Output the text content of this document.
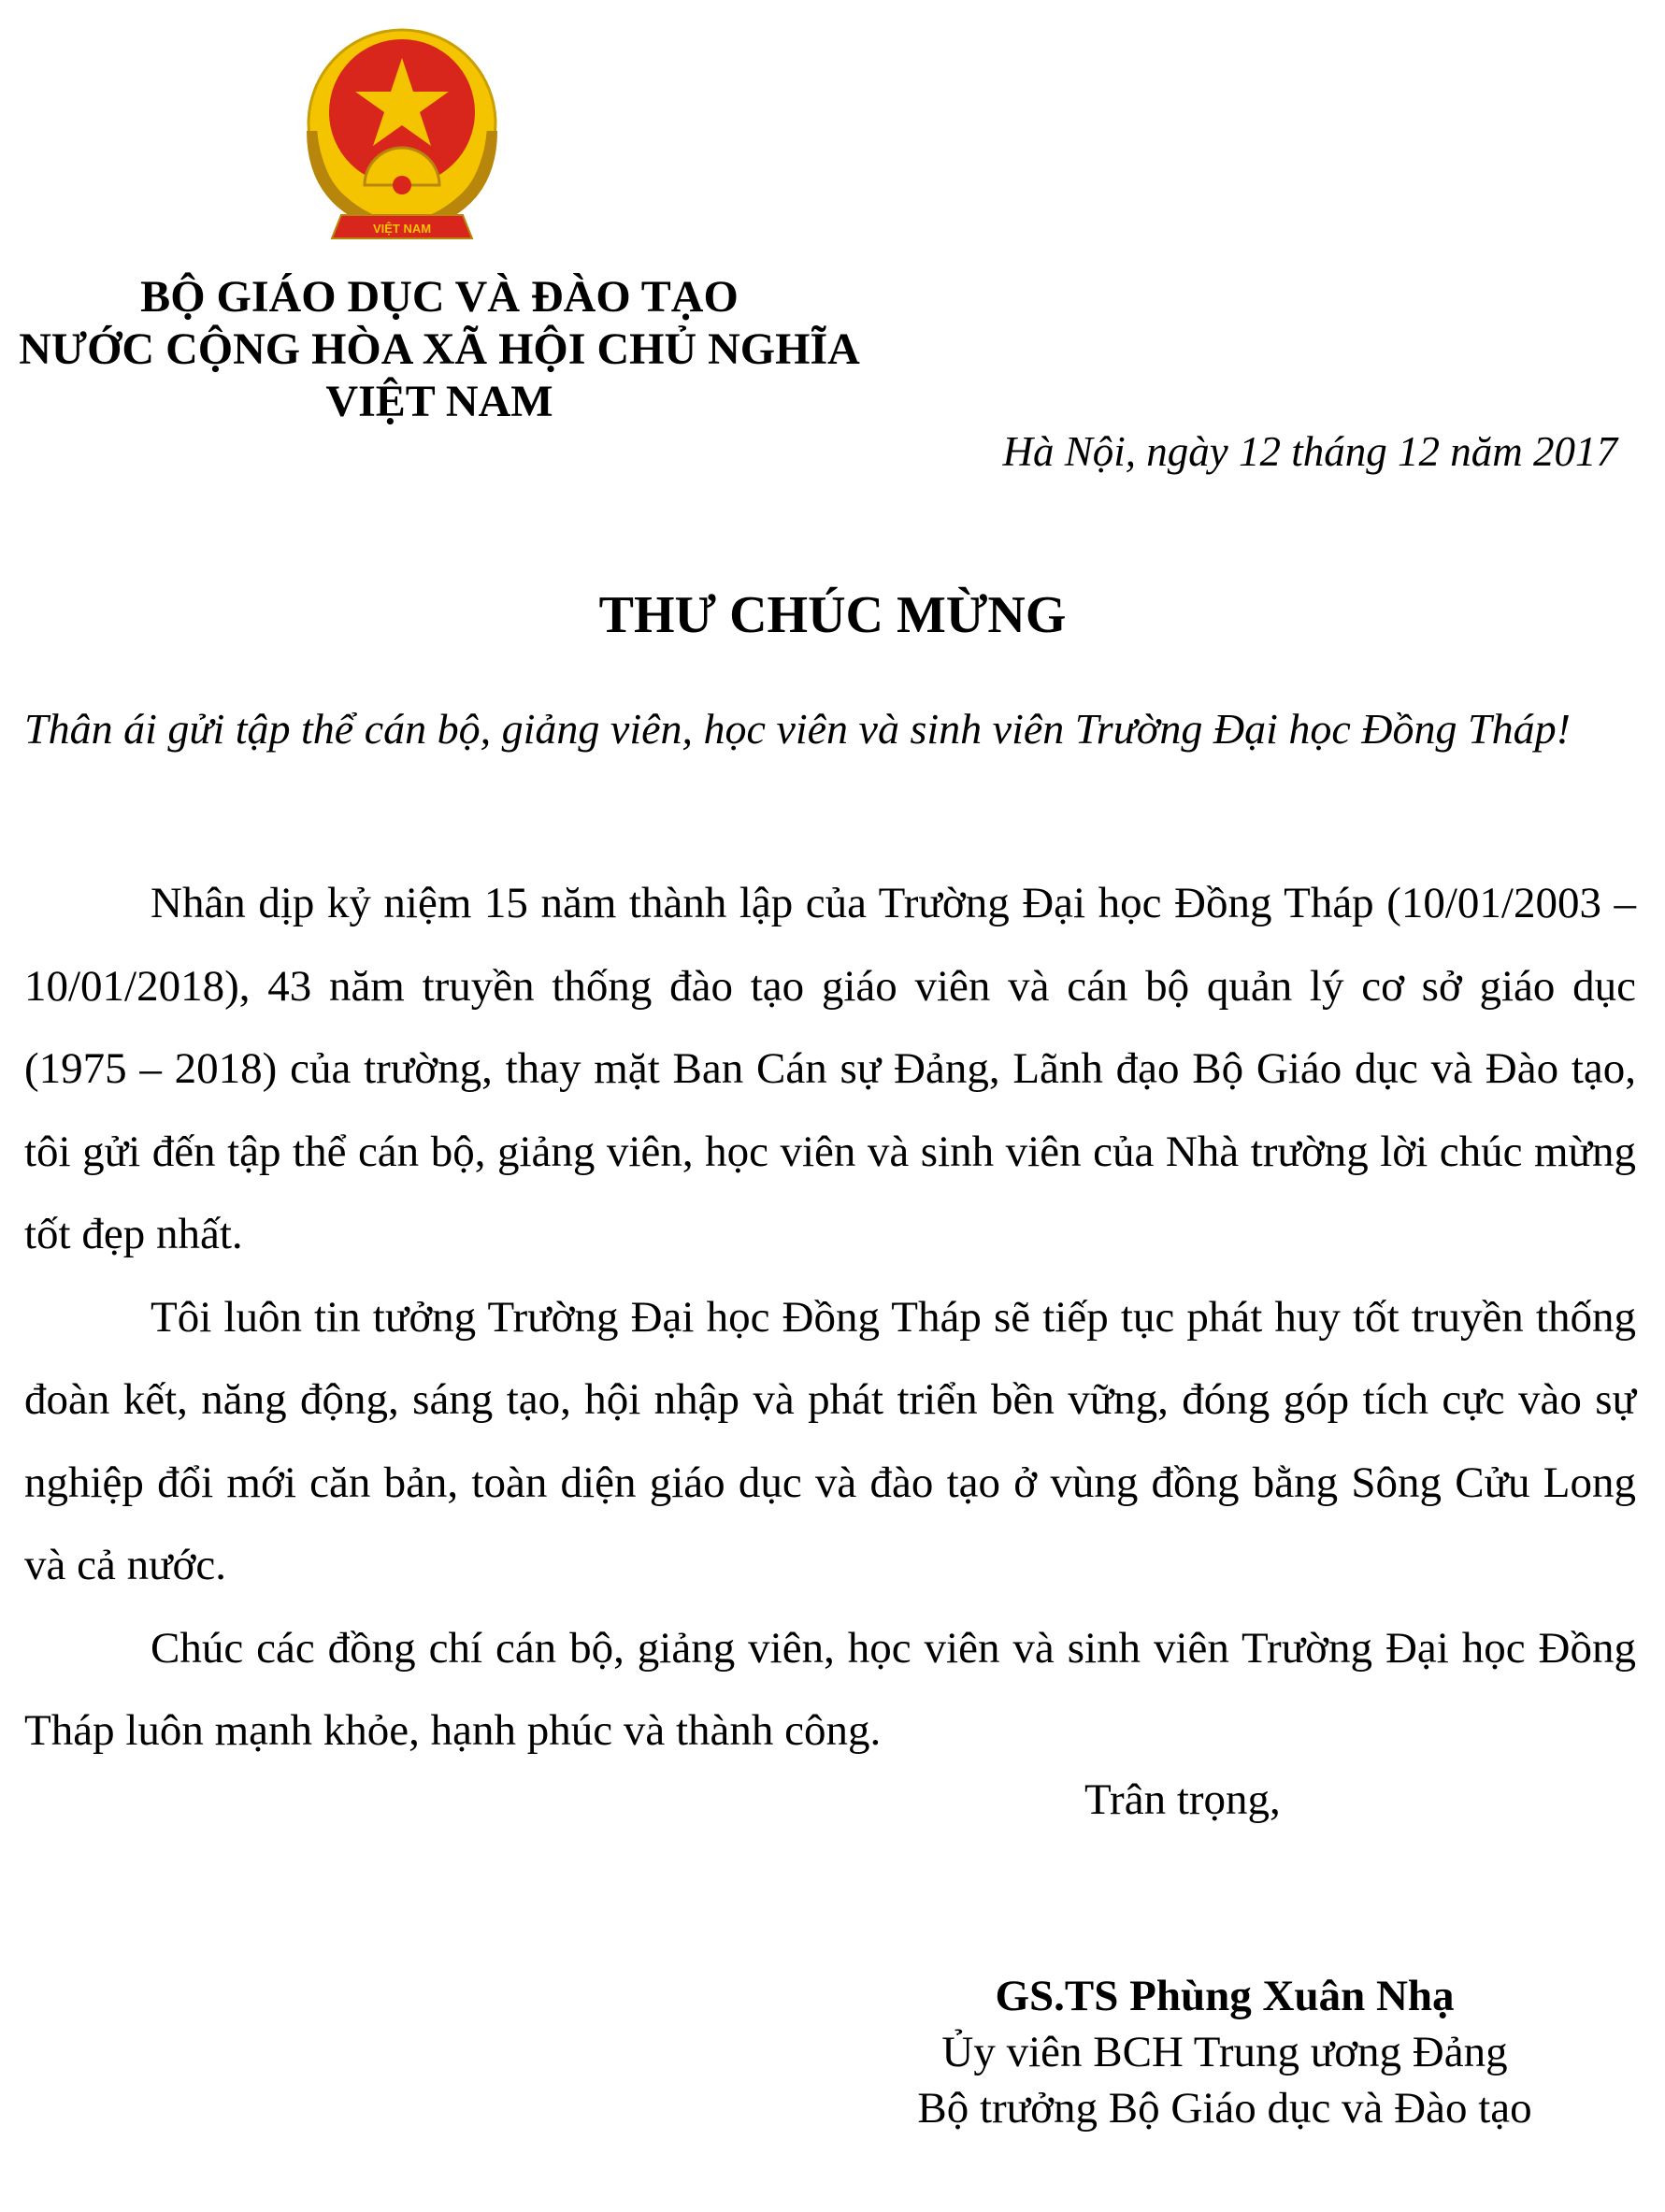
VIỆT NAM
BỘ GIÁO DỤC VÀ ĐÀO TẠO
NƯỚC CỘNG HÒA XÃ HỘI CHỦ NGHĨA
VIỆT NAM
Hà Nội, ngày 12 tháng 12 năm 2017
THƯ CHÚC MỪNG
Thân ái gửi tập thể cán bộ, giảng viên, học viên và sinh viên Trường Đại học Đồng Tháp!

Nhân dịp kỷ niệm 15 năm thành lập của Trường Đại học Đồng Tháp (10/01/2003 – 10/01/2018), 43 năm truyền thống đào tạo giáo viên và cán bộ quản lý cơ sở giáo dục (1975 – 2018) của trường, thay mặt Ban Cán sự Đảng, Lãnh đạo Bộ Giáo dục và Đào tạo, tôi gửi đến tập thể cán bộ, giảng viên, học viên và sinh viên của Nhà trường lời chúc mừng tốt đẹp nhất.

Tôi luôn tin tưởng Trường Đại học Đồng Tháp sẽ tiếp tục phát huy tốt truyền thống đoàn kết, năng động, sáng tạo, hội nhập và phát triển bền vững, đóng góp tích cực vào sự nghiệp đổi mới căn bản, toàn diện giáo dục và đào tạo ở vùng đồng bằng Sông Cửu Long và cả nước.

Chúc các đồng chí cán bộ, giảng viên, học viên và sinh viên Trường Đại học Đồng Tháp luôn mạnh khỏe, hạnh phúc và thành công.

Trân trọng,
GS.TS Phùng Xuân Nhạ
Ủy viên BCH Trung ương Đảng
Bộ trưởng Bộ Giáo dục và Đào tạo
